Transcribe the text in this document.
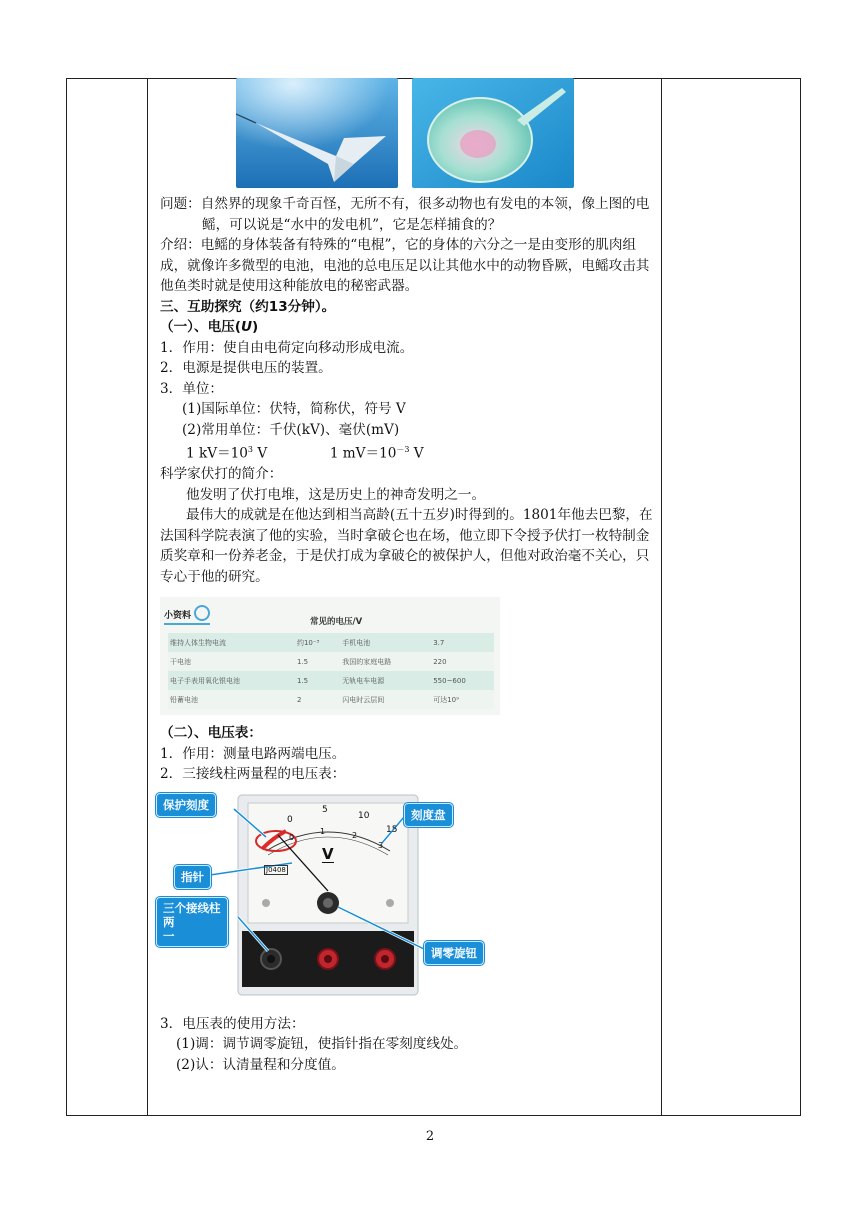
问题：自然界的现象千奇百怪，无所不有，很多动物也有发电的本领，像上图的电鳐，可以说是“水中的发电机”，它是怎样捕食的？

介绍：电鳐的身体装备有特殊的“电棍”，它的身体的六分之一是由变形的肌肉组成，就像许多微型的电池，电池的总电压足以让其他水中的动物昏厥，电鳐攻击其他鱼类时就是使用这种能放电的秘密武器。

三、互助探究（约13分钟）。

（一）、电压(U)

1．作用：使自由电荷定向移动形成电流。

2．电源是提供电压的装置。

3．单位：

(1)国际单位：伏特，简称伏，符号 V

(2)常用单位：千伏(kV)、毫伏(mV)

1 $kV=10^3$ V	1 $mV=10^{-3}$ V

科学家伏打的简介：

他发明了伏打电堆，这是历史上的神奇发明之一。

最伟大的成就是在他达到相当高龄(五十五岁)时得到的。1801年他去巴黎，在法国科学院表演了他的实验，当时拿破仑也在场，他立即下令授予伏打一枚特制金质奖章和一份养老金，于是伏打成为拿破仑的被保护人，但他对政治毫不关心，只专心于他的研究。

小资料
常见的电压/V
维持人体生物电流	约10⁻³	手机电池	3.7
干电池	1.5	我国的家庭电路	220
电子手表用氧化银电池	1.5	无轨电车电源	550~600
铅蓄电池	2	闪电时云层间	可达10⁹

（二）、电压表：

1．作用：测量电路两端电压。

2．三接线柱两量程的电压表：

0
5
10
15
0
1	2
3
V
J0408
保护刻度
刻度盘
指针
三个接线柱
两
一
调零旋钮

3．电压表的使用方法：

(1)调：调节调零旋钮，使指针指在零刻度线处。

(2)认：认清量程和分度值。

2
